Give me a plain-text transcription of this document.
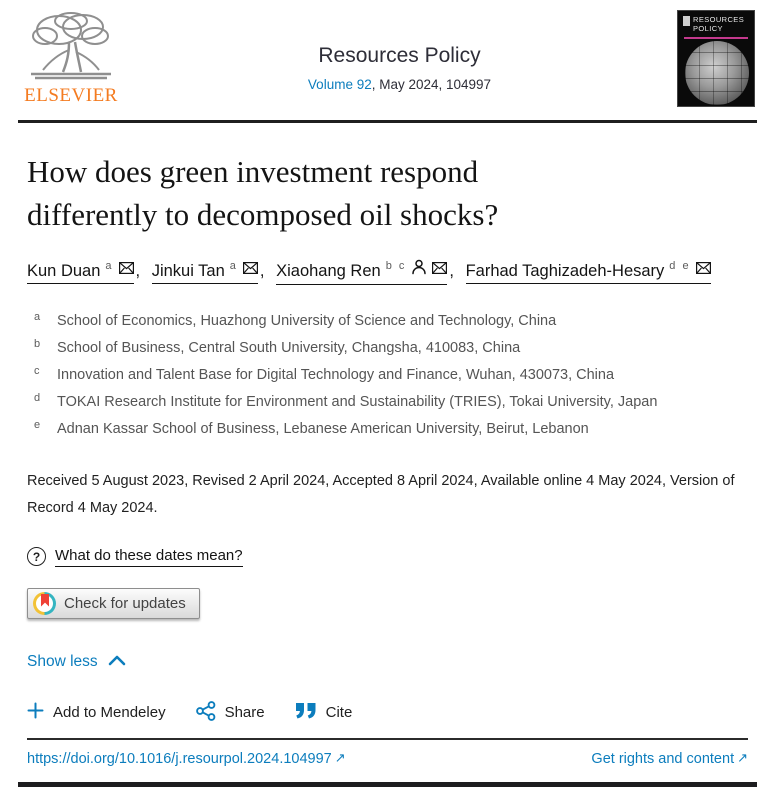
ELSEVIER
Resources Policy
Volume 92, May 2024, 104997
RESOURCES POLICY
How does green investment respond
differently to decomposed oil shocks?
Kun Duan a , Jinkui Tan a , Xiaohang Ren b c	, Farhad Taghizadeh-Hesary d e
a School of Economics, Huazhong University of Science and Technology, China
b School of Business, Central South University, Changsha, 410083, China
c Innovation and Talent Base for Digital Technology and Finance, Wuhan, 430073, China
d TOKAI Research Institute for Environment and Sustainability (TRIES), Tokai University, Japan
e Adnan Kassar School of Business, Lebanese American University, Beirut, Lebanon

Received 5 August 2023, Revised 2 April 2024, Accepted 8 April 2024, Available online 4 May 2024, Version of Record 4 May 2024.

? What do these dates mean?
Check for updates
Show less
Add to Mendeley	Share	Cite
https://doi.org/10.1016/j.resourpol.2024.104997 ↗	Get rights and content ↗
